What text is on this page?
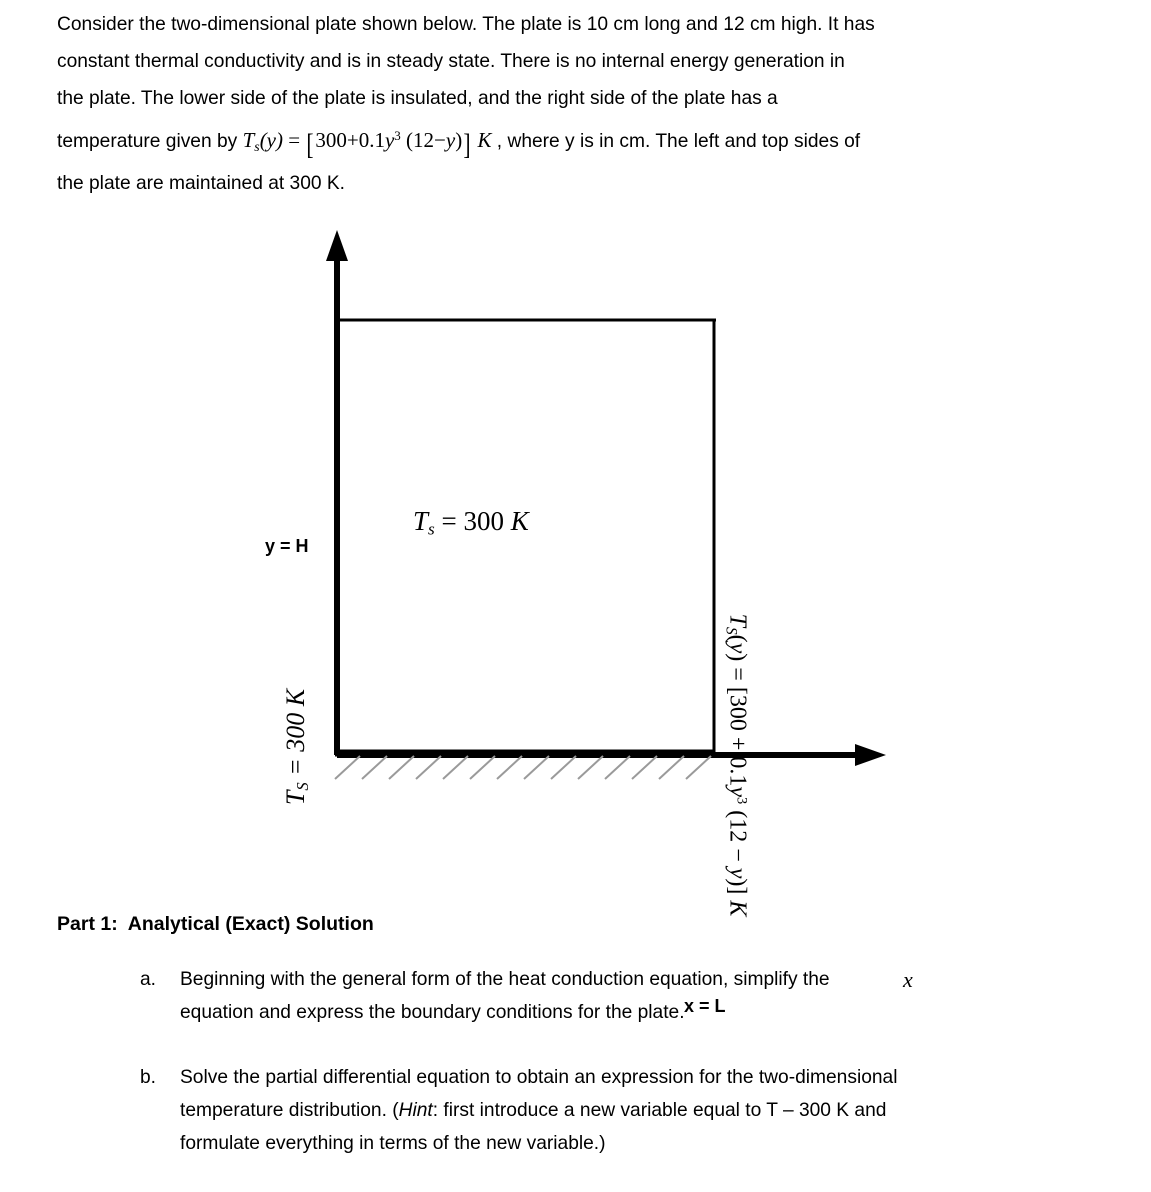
Consider the two-dimensional plate shown below. The plate is 10 cm long and 12 cm high. It has
constant thermal conductivity and is in steady state. There is no internal energy generation in
the plate. The lower side of the plate is insulated, and the right side of the plate has a
temperature given by $T_s(y) = [300+0.1y^3$ (12−y)] K , where y is in cm. The left and top sides of
the plate are maintained at 300 K.
$T_s = 300$ K
$T_S = 300$ K
$T_S(y) = [300 + 0.1y^3$ (12 − y)] K
y = H
x = L
x
Part 1:  Analytical (Exact) Solution
a. Beginning with the general form of the heat conduction equation, simplify the
equation and express the boundary conditions for the plate.
b. Solve the partial differential equation to obtain an expression for the two-dimensional
temperature distribution. (Hint: first introduce a new variable equal to T – 300 K and
formulate everything in terms of the new variable.)
